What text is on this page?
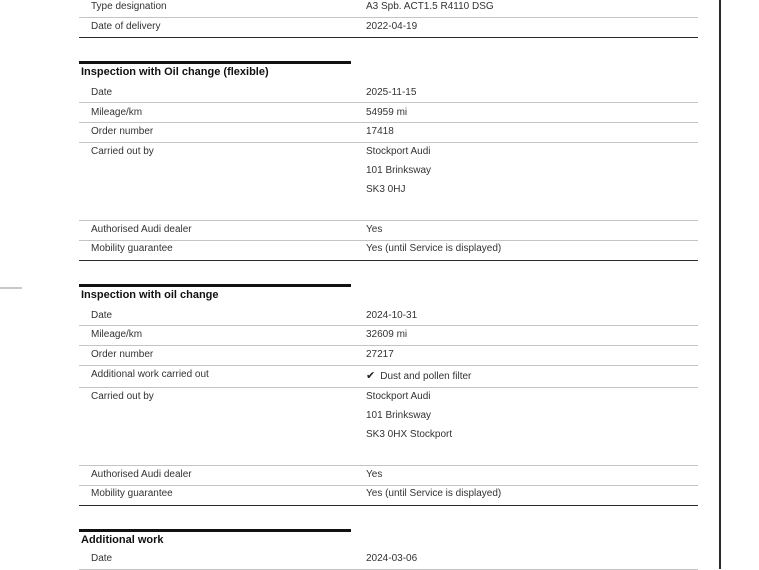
Type designation	A3 Spb. ACT1.5 R4110 DSG
Date of delivery	2022-04-19
Inspection with Oil change (flexible)
Date	2025-11-15
Mileage/km	54959 mi
Order number	17418
Carried out by	Stockport Audi
101 Brinksway
SK3 0HJ
Authorised Audi dealer	Yes
Mobility guarantee	Yes (until Service is displayed)
Inspection with oil change
Date	2024-10-31
Mileage/km	32609 mi
Order number	27217
Additional work carried out	✔ Dust and pollen filter
Carried out by	Stockport Audi
101 Brinksway
SK3 0HX Stockport
Authorised Audi dealer	Yes
Mobility guarantee	Yes (until Service is displayed)
Additional work
Date	2024-03-06
